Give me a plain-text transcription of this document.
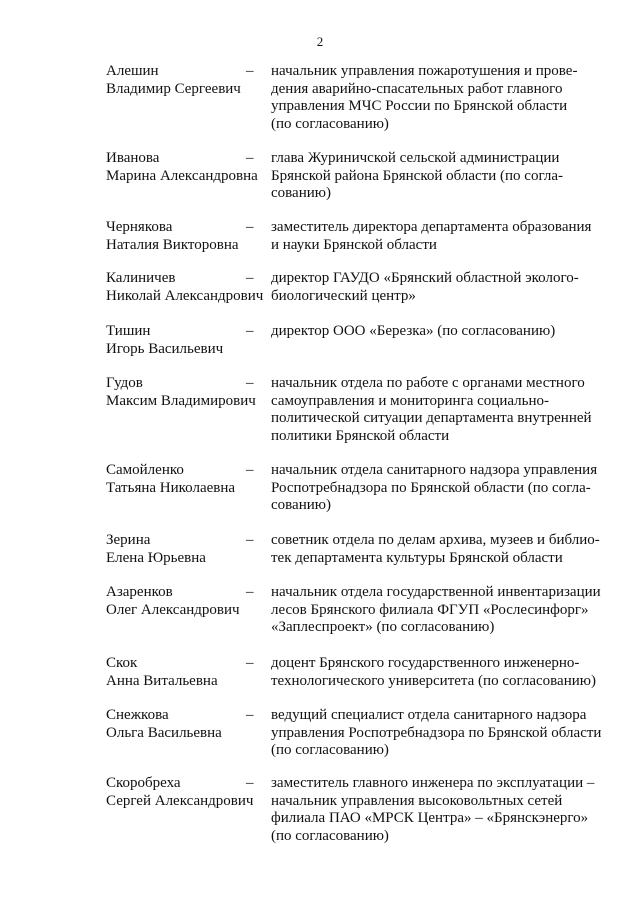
2
Алешин
Владимир Сергеевич
– начальник управления пожаротушения и прове-
дения аварийно-спасательных работ главного
управления МЧС России по Брянской области
(по согласованию)
Иванова
Марина Александровна
– глава Журиничской сельской администрации
Брянской района Брянской области (по согла-
сованию)
Чернякова
Наталия Викторовна
– заместитель директора департамента образования
и науки Брянской области
Калиничев
Николай Александрович
– директор ГАУДО «Брянский областной эколого-
биологический центр»
Тишин
Игорь Васильевич
– директор ООО «Березка» (по согласованию)
Гудов
Максим Владимирович
– начальник отдела по работе с органами местного
самоуправления и мониторинга социально-
политической ситуации департамента внутренней
политики Брянской области
Самойленко
Татьяна Николаевна
– начальник отдела санитарного надзора управления
Роспотребнадзора по Брянской области (по согла-
сованию)
Зерина
Елена Юрьевна
– советник отдела по делам архива, музеев и библио-
тек департамента культуры Брянской области
Азаренков
Олег Александрович
– начальник отдела государственной инвентаризации
лесов Брянского филиала ФГУП «Рослесинфорг»
«Заплеспроект» (по согласованию)
Скок
Анна Витальевна
– доцент Брянского государственного инженерно-
технологического университета (по согласованию)
Снежкова
Ольга Васильевна
– ведущий специалист отдела санитарного надзора
управления Роспотребнадзора по Брянской области
(по согласованию)
Скоробреха
Сергей Александрович
– заместитель главного инженера по эксплуатации –
начальник управления высоковольтных сетей
филиала ПАО «МРСК Центра» – «Брянскэнерго»
(по согласованию)
